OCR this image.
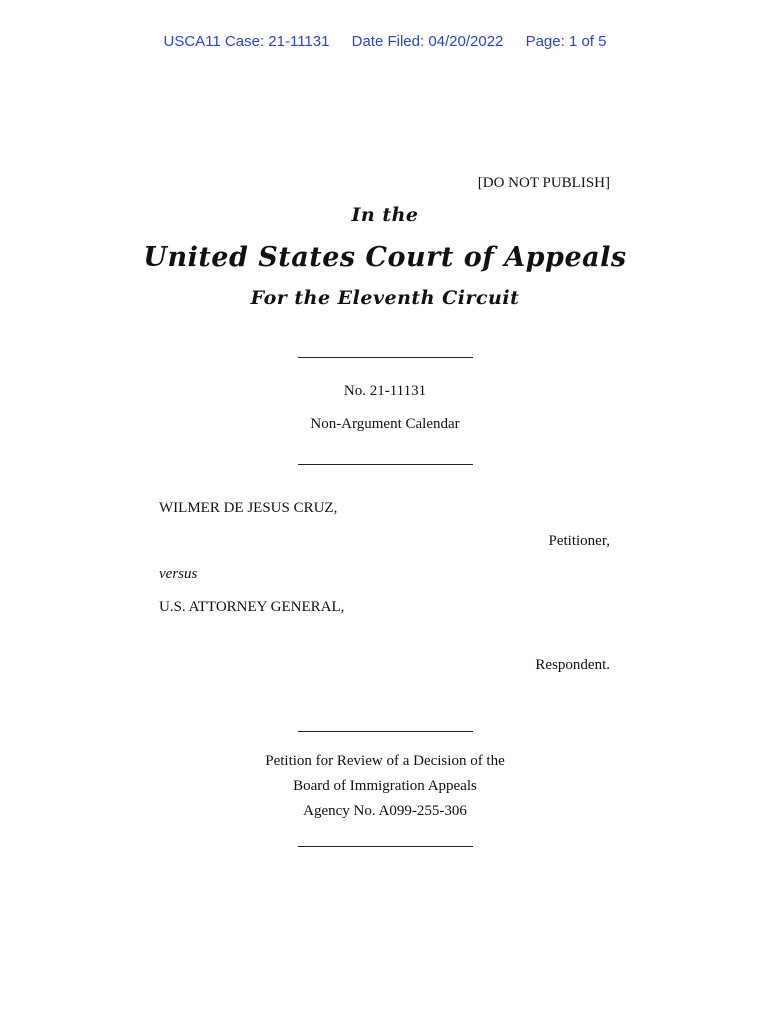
USCA11 Case: 21-11131 Date Filed: 04/20/2022 Page: 1 of 5
[DO NOT PUBLISH]
In the
United States Court of Appeals
For the Eleventh Circuit
No. 21-11131
Non-Argument Calendar
WILMER DE JESUS CRUZ,
Petitioner,
versus
U.S. ATTORNEY GENERAL,
Respondent.
Petition for Review of a Decision of the
Board of Immigration Appeals
Agency No. A099-255-306
